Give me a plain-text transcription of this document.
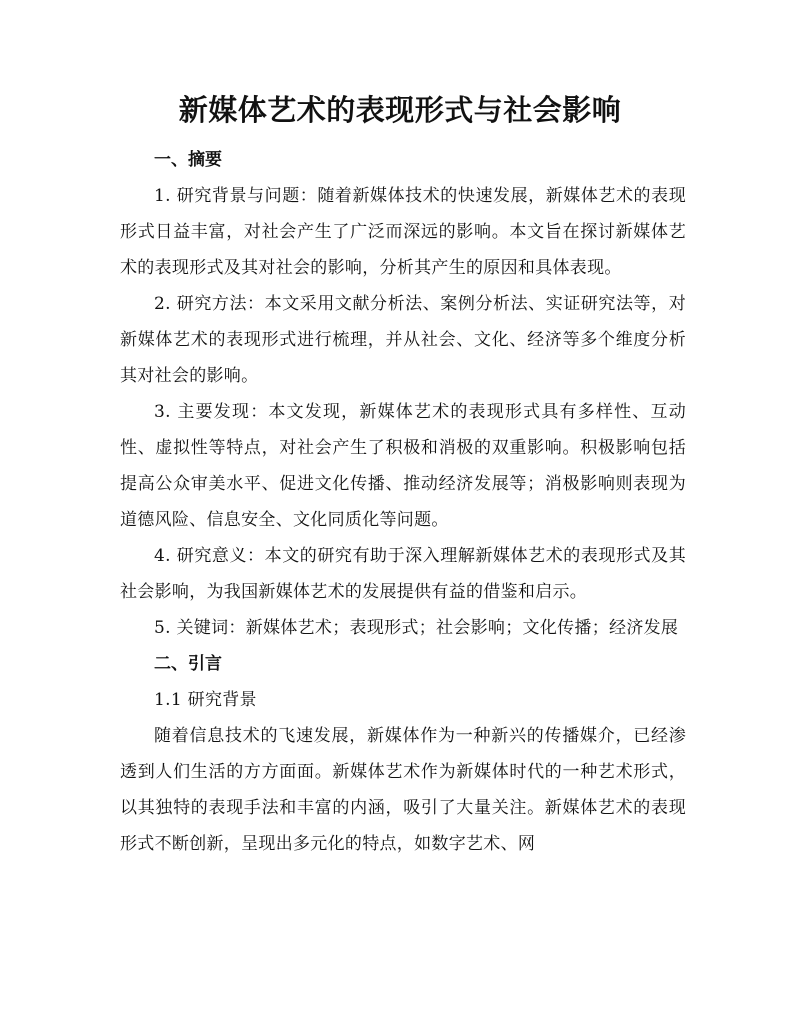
新媒体艺术的表现形式与社会影响
一、摘要

1. 研究背景与问题：随着新媒体技术的快速发展，新媒体艺术的表现形式日益丰富，对社会产生了广泛而深远的影响。本文旨在探讨新媒体艺术的表现形式及其对社会的影响，分析其产生的原因和具体表现。

2. 研究方法：本文采用文献分析法、案例分析法、实证研究法等，对新媒体艺术的表现形式进行梳理，并从社会、文化、经济等多个维度分析其对社会的影响。

3. 主要发现：本文发现，新媒体艺术的表现形式具有多样性、互动性、虚拟性等特点，对社会产生了积极和消极的双重影响。积极影响包括提高公众审美水平、促进文化传播、推动经济发展等；消极影响则表现为道德风险、信息安全、文化同质化等问题。

4. 研究意义：本文的研究有助于深入理解新媒体艺术的表现形式及其社会影响，为我国新媒体艺术的发展提供有益的借鉴和启示。

5. 关键词：新媒体艺术；表现形式；社会影响；文化传播；经济发展

二、引言

1.1 研究背景

随着信息技术的飞速发展，新媒体作为一种新兴的传播媒介，已经渗透到人们生活的方方面面。新媒体艺术作为新媒体时代的一种艺术形式，以其独特的表现手法和丰富的内涵，吸引了大量关注。新媒体艺术的表现形式不断创新，呈现出多元化的特点，如数字艺术、网
